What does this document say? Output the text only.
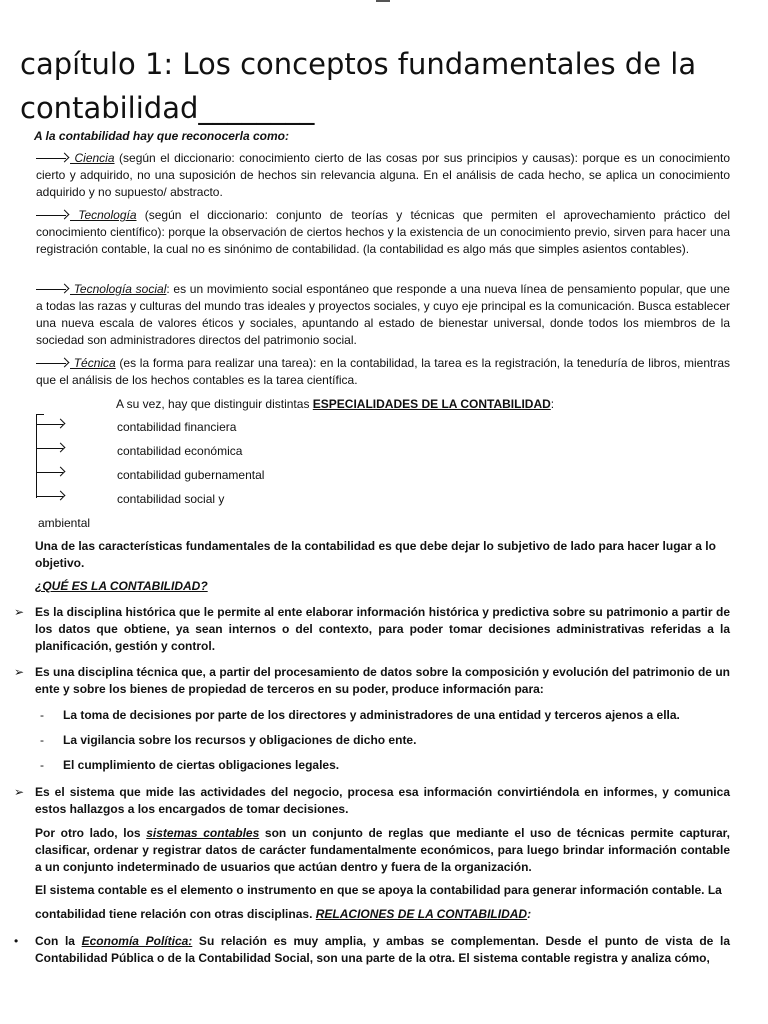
capítulo 1: Los conceptos fundamentales de la contabilidad________
A la contabilidad hay que reconocerla como:
Ciencia (según el diccionario: conocimiento cierto de las cosas por sus principios y causas): porque es un conocimiento cierto y adquirido, no una suposición de hechos sin relevancia alguna. En el análisis de cada hecho, se aplica un conocimiento adquirido y no supuesto/ abstracto.
Tecnología (según el diccionario: conjunto de teorías y técnicas que permiten el aprovechamiento práctico del conocimiento científico): porque la observación de ciertos hechos y la existencia de un conocimiento previo, sirven para hacer una registración contable, la cual no es sinónimo de contabilidad. (la contabilidad es algo más que simples asientos contables).
Tecnología social: es un movimiento social espontáneo que responde a una nueva línea de pensamiento popular, que une a todas las razas y culturas del mundo tras ideales y proyectos sociales, y cuyo eje principal es la comunicación. Busca establecer una nueva escala de valores éticos y sociales, apuntando al estado de bienestar universal, donde todos los miembros de la sociedad son administradores directos del patrimonio social.
Técnica (es la forma para realizar una tarea): en la contabilidad, la tarea es la registración, la teneduría de libros, mientras que el análisis de los hechos contables es la tarea científica.
A su vez, hay que distinguir distintas ESPECIALIDADES DE LA CONTABILIDAD:
contabilidad financiera
contabilidad económica
contabilidad gubernamental
contabilidad social y
ambiental
Una de las características fundamentales de la contabilidad es que debe dejar lo subjetivo de lado para hacer lugar a lo objetivo.
¿QUÉ ES LA CONTABILIDAD?
➢ Es la disciplina histórica que le permite al ente elaborar información histórica y predictiva sobre su patrimonio a partir de los datos que obtiene, ya sean internos o del contexto, para poder tomar decisiones administrativas referidas a la planificación, gestión y control.
➢ Es una disciplina técnica que, a partir del procesamiento de datos sobre la composición y evolución del patrimonio de un ente y sobre los bienes de propiedad de terceros en su poder, produce información para:
- La toma de decisiones por parte de los directores y administradores de una entidad y terceros ajenos a ella.
- La vigilancia sobre los recursos y obligaciones de dicho ente.
- El cumplimiento de ciertas obligaciones legales.
➢ Es el sistema que mide las actividades del negocio, procesa esa información convirtiéndola en informes, y comunica estos hallazgos a los encargados de tomar decisiones.
Por otro lado, los sistemas contables son un conjunto de reglas que mediante el uso de técnicas permite capturar, clasificar, ordenar y registrar datos de carácter fundamentalmente económicos, para luego brindar información contable a un conjunto indeterminado de usuarios que actúan dentro y fuera de la organización.
El sistema contable es el elemento o instrumento en que se apoya la contabilidad para generar información contable. La
contabilidad tiene relación con otras disciplinas. RELACIONES DE LA CONTABILIDAD:
• Con la Economía Política: Su relación es muy amplia, y ambas se complementan. Desde el punto de vista de la Contabilidad Pública o de la Contabilidad Social, son una parte de la otra. El sistema contable registra y analiza cómo,
